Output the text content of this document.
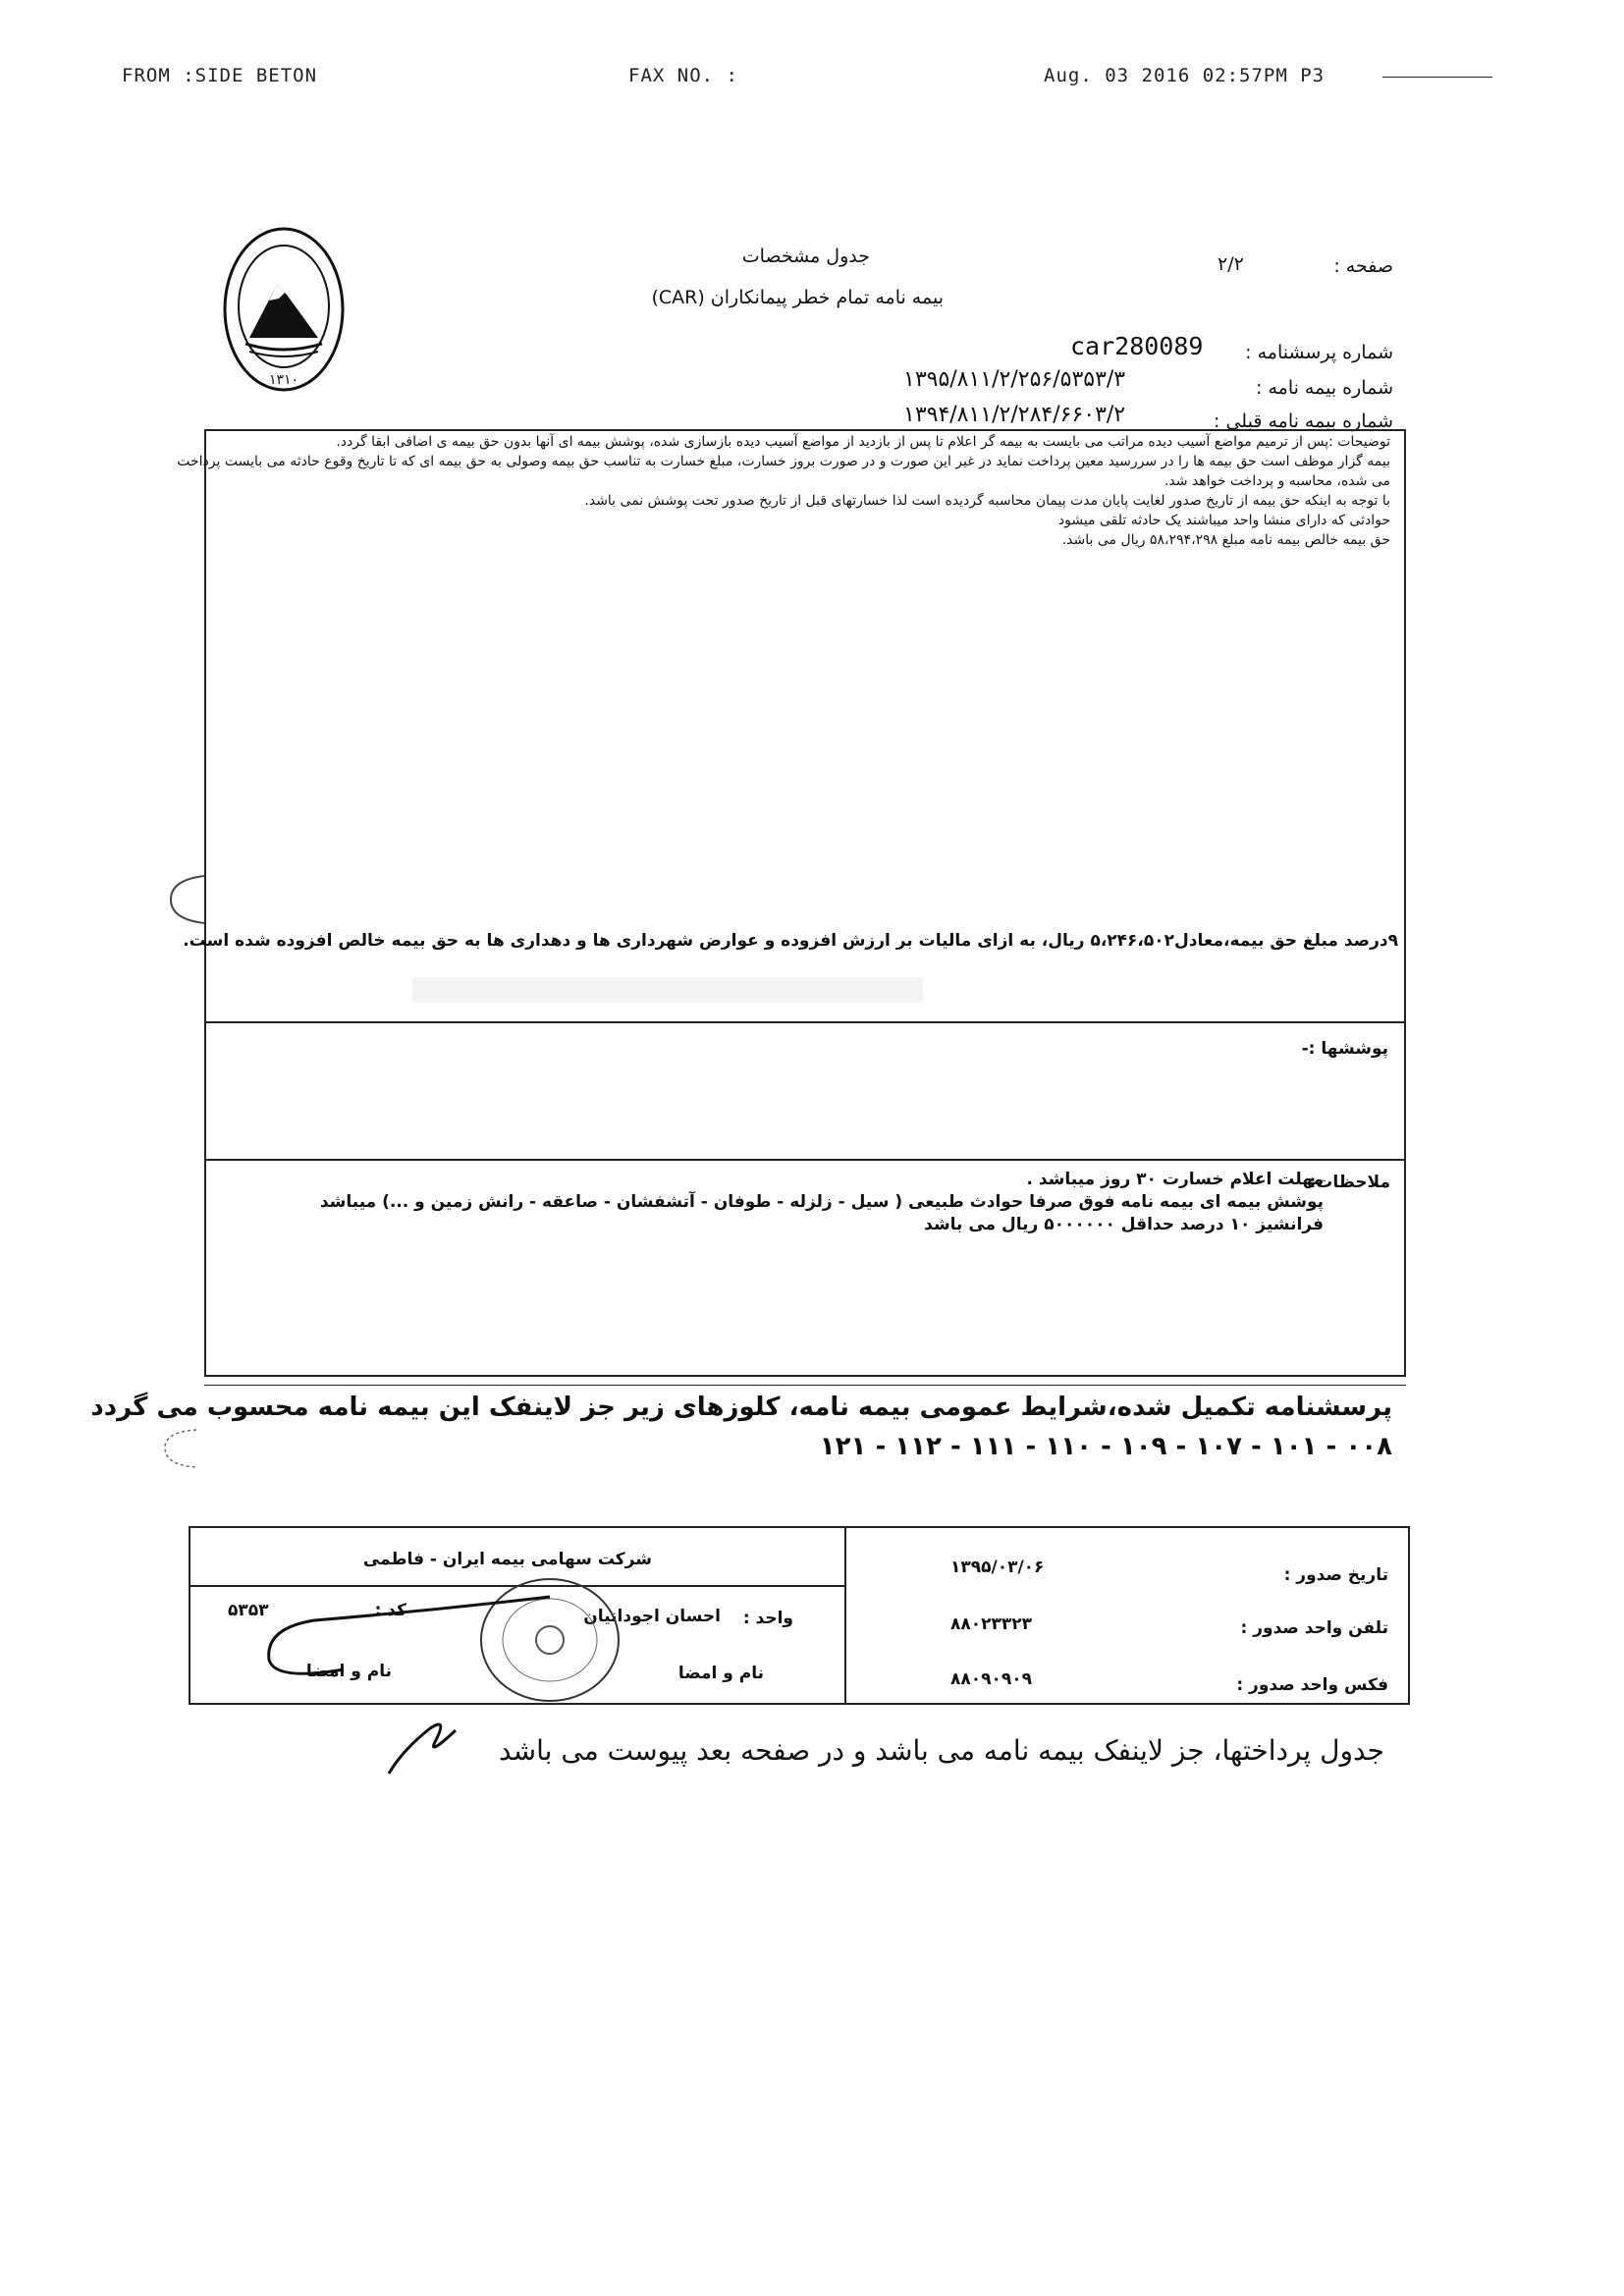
FROM :SIDE BETON	FAX NO. :	Aug. 03 2016 02:57PM P3
۱۳۱۰
جدول مشخصات
بیمه نامه تمام خطر پیمانکاران (CAR)
صفحه :
۲/۲
شماره پرسشنامه :
car280089
شماره بیمه نامه :
۱۳۹۵/۸۱۱/۲/۲۵۶/۵۳۵۳/۳
شماره بیمه نامه قبلی :
۱۳۹۴/۸۱۱/۲/۲۸۴/۶۶۰۳/۲
توضیحات :پس از ترمیم مواضع آسیب دیده مراتب می بایست به بیمه گر اعلام تا پس از بازدید از مواضع آسیب دیده بازسازی شده، پوشش بیمه ای آنها بدون حق بیمه ی اضافی ابقا گردد.
بیمه گزار موظف است حق بیمه ها را در سررسید معین پرداخت نماید در غیر این صورت و در صورت بروز خسارت، مبلغ خسارت به تناسب حق بیمه وصولی به حق بیمه ای که تا تاریخ وقوع حادثه می بایست پرداخت
می شده، محاسبه و پرداخت خواهد شد.
با توجه به اینکه حق بیمه از تاریخ صدور لغایت پایان مدت پیمان محاسبه گردیده است لذا خسارتهای قبل از تاریخ صدور تحت پوشش نمی باشد.
حوادثی که دارای منشا واحد میباشند یک حادثه تلقی میشود
حق بیمه خالص بیمه نامه مبلغ ۵۸،۲۹۴،۲۹۸ ریال می باشد.
۹درصد مبلغ حق بیمه،معادل۵،۲۴۶،۵۰۲ ریال، به ازای مالیات بر ارزش افزوده و عوارض شهرداری ها و دهداری ها به حق بیمه خالص افزوده شده است.
پوششها :-
ملاحظات:
مهلت اعلام خسارت ۳۰ روز میباشد .
پوشش بیمه ای بیمه نامه فوق صرفا حوادث طبیعی ( سیل - زلزله - طوفان - آتشفشان - صاعقه - رانش زمین و ...) میباشد
فرانشیز ۱۰ درصد حداقل ۵۰۰۰۰۰۰ ریال می باشد
پرسشنامه تکمیل شده،شرایط عمومی بیمه نامه، کلوزهای زیر جز لاینفک این بیمه نامه محسوب می گردد
۰۰۸ - ۱۰۱ - ۱۰۷ - ۱۰۹ - ۱۱۰ - ۱۱۱ - ۱۱۲ - ۱۲۱
تاریخ صدور :
۱۳۹۵/۰۳/۰۶
تلفن واحد صدور :
۸۸۰۲۳۳۲۳
فکس واحد صدور :
۸۸۰۹۰۹۰۹
شرکت سهامی بیمه ایران - فاطمی
واحد :
احسان اجودانیان
کد :
۵۳۵۳
نام و امضا
نام و امضا
جدول پرداختها، جز لاینفک بیمه نامه می باشد و در صفحه بعد پیوست می باشد
